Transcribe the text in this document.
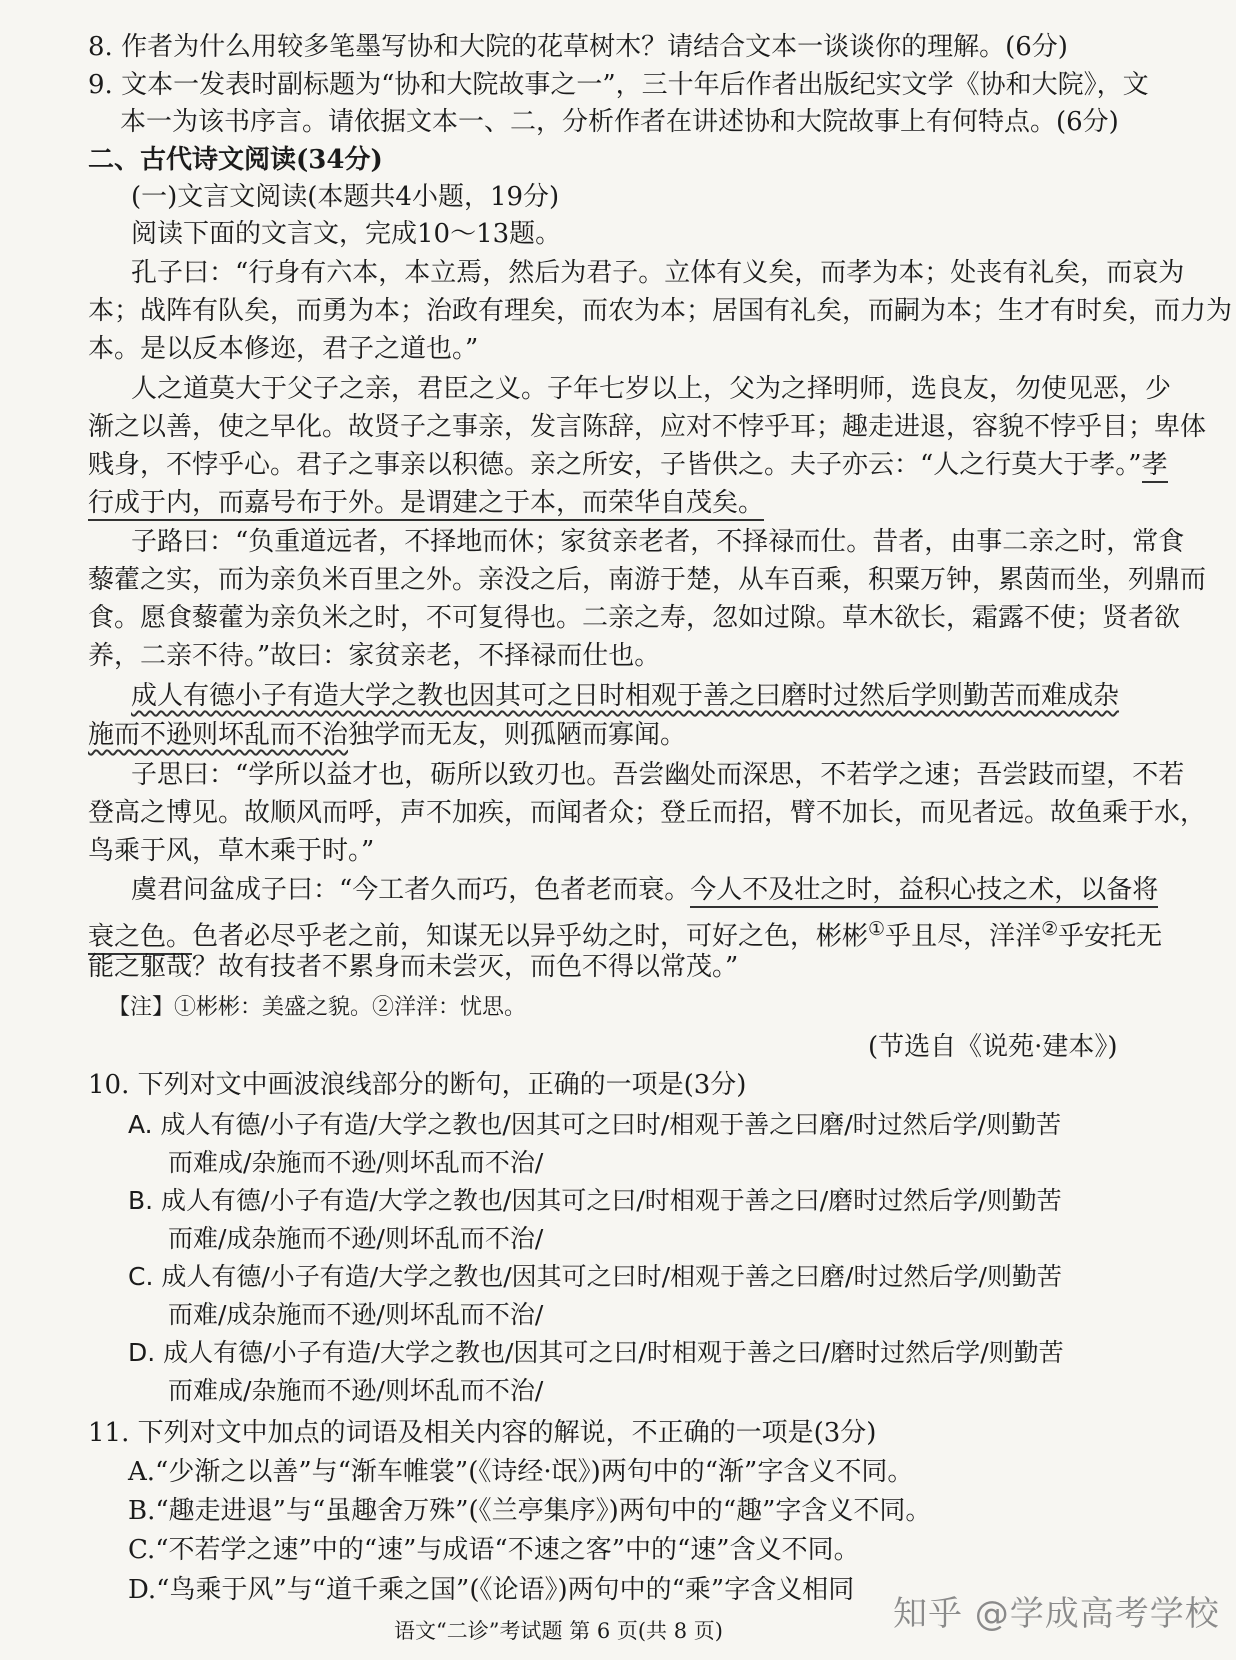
8. 作者为什么用较多笔墨写协和大院的花草树木？请结合文本一谈谈你的理解。(6分)
9. 文本一发表时副标题为“协和大院故事之一”，三十年后作者出版纪实文学《协和大院》，文
本一为该书序言。请依据文本一、二，分析作者在讲述协和大院故事上有何特点。(6分)
二、古代诗文阅读(34分)
(一)文言文阅读(本题共4小题，19分)
阅读下面的文言文，完成10～13题。
孔子曰：“行身有六本，本立焉，然后为君子。立体有义矣，而孝为本；处丧有礼矣，而哀为
本；战阵有队矣，而勇为本；治政有理矣，而农为本；居国有礼矣，而嗣为本；生才有时矣，而力为
本。是以反本修迩，君子之道也。”
人之道莫大于父子之亲，君臣之义。子年七岁以上，父为之择明师，选良友，勿使见恶，少
渐之以善，使之早化。故贤子之事亲，发言陈辞，应对不悖乎耳；趣走进退，容貌不悖乎目；卑体
贱身，不悖乎心。君子之事亲以积德。亲之所安，子皆供之。夫子亦云：“人之行莫大于孝。”孝
行成于内，而嘉号布于外。是谓建之于本，而荣华自茂矣。
子路曰：“负重道远者，不择地而休；家贫亲老者，不择禄而仕。昔者，由事二亲之时，常食
藜藿之实，而为亲负米百里之外。亲没之后，南游于楚，从车百乘，积粟万钟，累茵而坐，列鼎而
食。愿食藜藿为亲负米之时，不可复得也。二亲之寿，忽如过隙。草木欲长，霜露不使；贤者欲
养，二亲不待。”故曰：家贫亲老，不择禄而仕也。
成人有德小子有造大学之教也因其可之日时相观于善之曰磨时过然后学则勤苦而难成杂
施而不逊则坏乱而不治独学而无友，则孤陋而寡闻。
子思曰：“学所以益才也，砺所以致刃也。吾尝幽处而深思，不若学之速；吾尝跂而望，不若
登高之博见。故顺风而呼，声不加疾，而闻者众；登丘而招，臂不加长，而见者远。故鱼乘于水，
鸟乘于风，草木乘于时。”
虞君问盆成子曰：“今工者久而巧，色者老而衰。今人不及壮之时，益积心技之术，以备将
衰之色。色者必尽乎老之前，知谋无以异乎幼之时，可好之色，彬彬①乎且尽，洋洋②乎安托无
能之躯哉？故有技者不累身而未尝灭，而色不得以常茂。”
【注】①彬彬：美盛之貌。②洋洋：忧思。
(节选自《说苑·建本》)
10. 下列对文中画波浪线部分的断句，正确的一项是(3分)
A. 成人有德/小子有造/大学之教也/因其可之曰时/相观于善之曰磨/时过然后学/则勤苦
而难成/杂施而不逊/则坏乱而不治/
B. 成人有德/小子有造/大学之教也/因其可之曰/时相观于善之曰/磨时过然后学/则勤苦
而难/成杂施而不逊/则坏乱而不治/
C. 成人有德/小子有造/大学之教也/因其可之曰时/相观于善之曰磨/时过然后学/则勤苦
而难/成杂施而不逊/则坏乱而不治/
D. 成人有德/小子有造/大学之教也/因其可之曰/时相观于善之曰/磨时过然后学/则勤苦
而难成/杂施而不逊/则坏乱而不治/
11. 下列对文中加点的词语及相关内容的解说，不正确的一项是(3分)
A.“少渐之以善”与“渐车帷裳”(《诗经·氓》)两句中的“渐”字含义不同。
B.“趣走进退”与“虽趣舍万殊”(《兰亭集序》)两句中的“趣”字含义不同。
C.“不若学之速”中的“速”与成语“不速之客”中的“速”含义不同。
D.“鸟乘于风”与“道千乘之国”(《论语》)两句中的“乘”字含义相同
知乎 @学成高考学校
语文“二诊”考试题 第 6 页(共 8 页)
